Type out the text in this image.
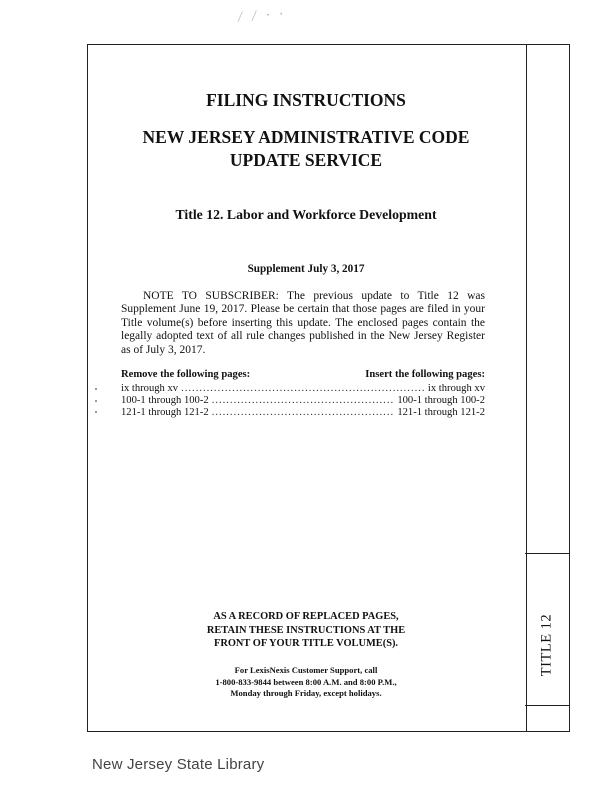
/ / · ·
TITLE 12
FILING INSTRUCTIONS
NEW JERSEY ADMINISTRATIVE CODE
UPDATE SERVICE
Title 12. Labor and Workforce Development
Supplement July 3, 2017
NOTE TO SUBSCRIBER: The previous update to Title 12 was Supplement June 19, 2017. Please be certain that those pages are filed in your Title volume(s) before inserting this update. The enclosed pages contain the legally adopted text of all rule changes published in the New Jersey Register as of July 3, 2017.
Remove the following pages:	Insert the following pages:
ix through xv .....	ix through xv
100-1 through 100-2 .....	100-1 through 100-2
121-1 through 121-2 .....	121-1 through 121-2
AS A RECORD OF REPLACED PAGES,
RETAIN THESE INSTRUCTIONS AT THE
FRONT OF YOUR TITLE VOLUME(S).
For LexisNexis Customer Support, call
1-800-833-9844 between 8:00 A.M. and 8:00 P.M.,
Monday through Friday, except holidays.
New Jersey State Library
